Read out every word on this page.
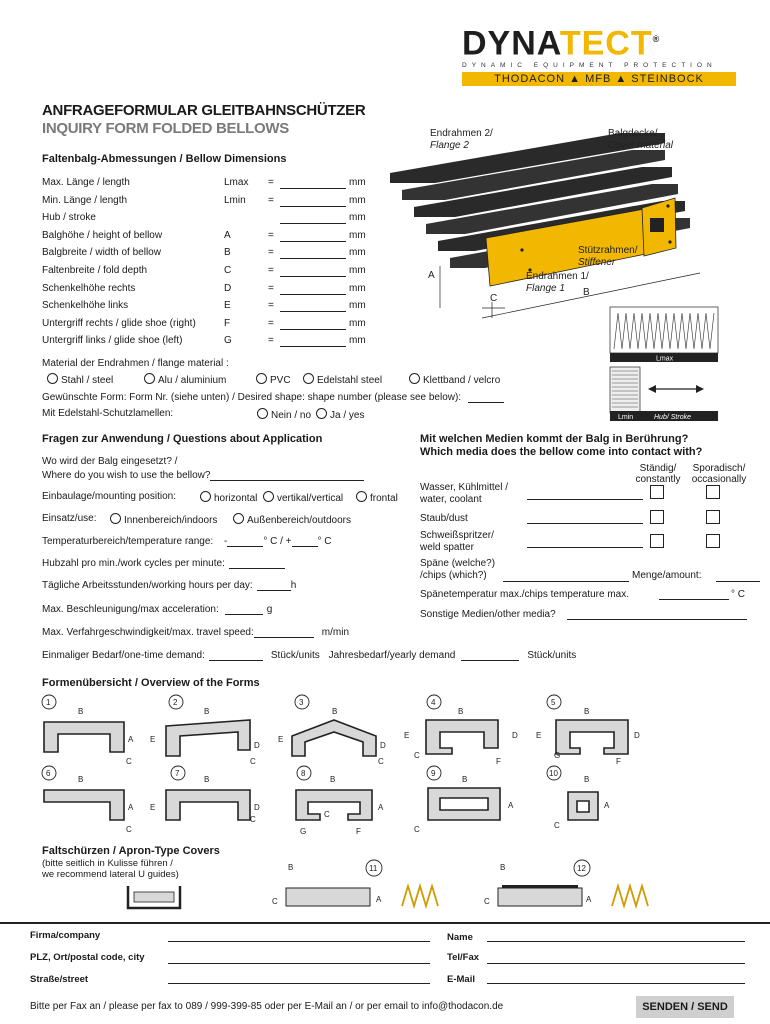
DYNATECT®
DYNAMIC EQUIPMENT PROTECTION
THODACON ▲ MFB ▲ STEINBOCK
ANFRAGEFORMULAR GLEITBAHNSCHÜTZER
INQUIRY FORM FOLDED BELLOWS
Faltenbalg-Abmessungen / Bellow Dimensions
Max. Länge / length	Lmax =	mm
Min. Länge / length	Lmin =	mm
Hub / stroke	mm
Balghöhe / height of bellow	A	=	mm
Balgbreite / width of bellow	B	=	mm
Faltenbreite / fold depth	C	=	mm
Schenkelhöhe rechts	D	=	mm
Schenkelhöhe links	E	=	mm
Untergriff rechts / glide shoe (right)	F	=	mm
Untergriff links / glide shoe (left)	G	=	mm
A
C
B
Endrahmen 2/
Flange 2
Balgdecke/
Cover material
Stützrahmen/
Stiffener
Endrahmen 1/
Flange 1
Lmax
Lmin	Hub/ Stroke
Material der Endrahmen / flange material :
Stahl / steel	Alu / aluminium	PVC	Edelstahl steel	Klettband / velcro
Gewünschte Form: Form Nr. (siehe unten) / Desired shape: shape number (please see below):
Mit Edelstahl-Schutzlamellen:	Nein / no	Ja / yes
Fragen zur Anwendung / Questions about Application
Wo wird der Balg eingesetzt? /
Where do you wish to use the bellow?
Einbaulage/mounting position:	horizontal	vertikal/vertical	frontal
Einsatz/use:	Innenbereich/indoors	Außenbereich/outdoors
Temperaturbereich/temperature range: -	° C / +	° C
Hubzahl pro min./work cycles per minute:
Tägliche Arbeitsstunden/working hours per day:	h
Max. Beschleunigung/max acceleration:	g
Max. Verfahrgeschwindigkeit/max. travel speed:	m/min
Einmaliger Bedarf/one-time demand:	Stück/units Jahresbedarf/yearly demand	Stück/units
Mit welchen Medien kommt der Balg in Berührung?
Which media does the bellow come into contact with?
Ständig/
constantly
Sporadisch/
occasionally
Wasser, Kühlmittel /
water, coolant
Staub/dust
Schweißspritzer/
weld spatter
Späne (welche?)
/chips (which?)	Menge/amount:
Spänetemperatur max./chips temperature max.	° C
Sonstige Medien/other media?
Formenübersicht / Overview of the Forms
1
B
A
C
2
B
E
D
C
3
B
E
D
C
4
B
E	D
C
F
5
B
E	D
G
F
6
B
A
C
7
B
E	D
C
8
B
A
G	F
C
9
B
A
C
10
B
A
C
Faltschürzen / Apron-Type Covers
(bitte seitlich in Kulisse führen /
we recommend lateral U guides)
B	11
C	A
B	12
C	A
Firma/company
PLZ, Ort/postal code, city
Straße/street
Name
Tel/Fax
E-Mail
Bitte per Fax an / please per fax to 089 / 999-399-85 oder per E-Mail an / or per email to info@thodacon.de	SENDEN / SEND
